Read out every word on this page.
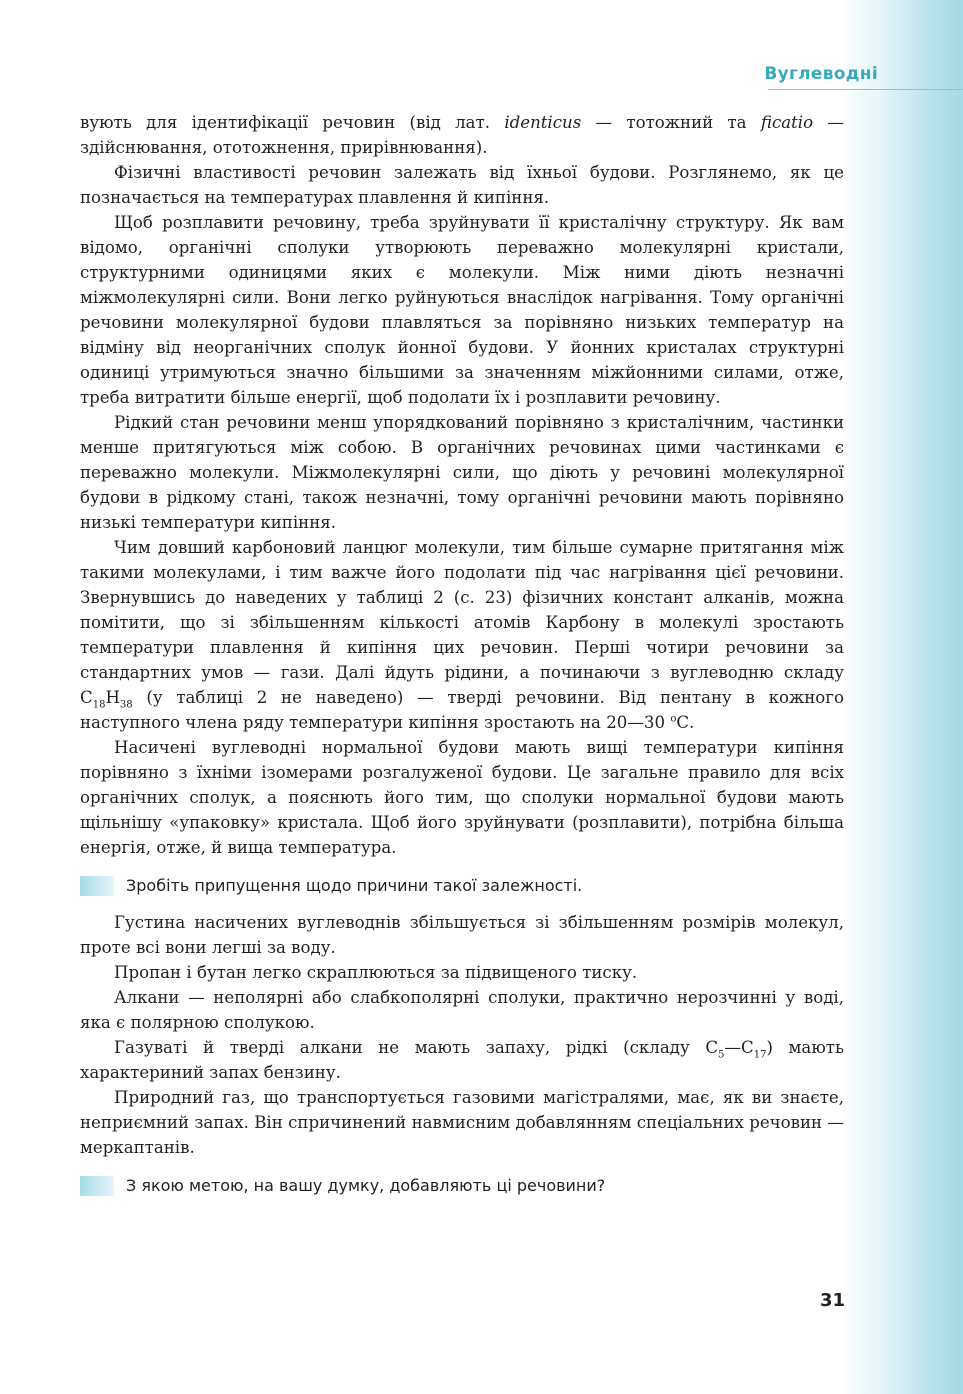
Вуглеводні

вують для ідентифікації речовин (від лат. identicus — тотожний та ficatio — здійснювання, ототожнення, прирівнювання).

Фізичні властивості речовин залежать від їхньої будови. Розглянемо, як це позначається на температурах плавлення й кипіння.

Щоб розплавити речовину, треба зруйнувати її кристалічну структуру. Як вам відомо, органічні сполуки утворюють переважно молекулярні кристали, структурними одиницями яких є молекули. Між ними діють незначні міжмолекулярні сили. Вони легко руйнуються внаслідок нагрівання. Тому органічні речовини молекулярної будови плавляться за порівняно низьких температур на відміну від неорганічних сполук йонної будови. У йонних кристалах структурні одиниці утримуються значно більшими за значенням міжйонними силами, отже, треба витратити більше енергії, щоб подолати їх і розплавити речовину.

Рідкий стан речовини менш упорядкований порівняно з кристалічним, частинки менше притягуються між собою. В органічних речовинах цими частинками є переважно молекули. Міжмолекулярні сили, що діють у речовині молекулярної будови в рідкому стані, також незначні, тому органічні речовини мають порівняно низькі температури кипіння.

Чим довший карбоновий ланцюг молекули, тим більше сумарне притягання між такими молекулами, і тим важче його подолати під час нагрівання цієї речовини. Звернувшись до наведених у таблиці 2 (с. 23) фізичних констант алканів, можна помітити, що зі збільшенням кількості атомів Карбону в молекулі зростають температури плавлення й кипіння цих речовин. Перші чотири речовини за стандартних умов — гази. Далі йдуть рідини, а починаючи з вуглеводню складу $C_{18}H_{38}$ (у таблиці 2 не наведено) — тверді речовини. Від пентану в кожного наступного члена ряду температури кипіння зростають на 20—30 $^о$С.

Насичені вуглеводні нормальної будови мають вищі температури кипіння порівняно з їхніми ізомерами розгалуженої будови. Це загальне правило для всіх органічних сполук, а пояснють його тим, що сполуки нормальної будови мають щільнішу «упаковку» кристала. Щоб його зруйнувати (розплавити), потрібна більша енергія, отже, й вища температура.

Зробіть припущення щодо причини такої залежності.

Густина насичених вуглеводнів збільшується зі збільшенням розмірів молекул, проте всі вони легші за воду.

Пропан і бутан легко скраплюються за підвищеного тиску.

Алкани — неполярні або слабкополярні сполуки, практично нерозчинні у воді, яка є полярною сполукою.

Газуваті й тверді алкани не мають запаху, рідкі (складу $C_5—C_{17}$) мають характериний запах бензину.

Природний газ, що транспортується газовими магістралями, має, як ви знаєте, неприємний запах. Він спричинений навмисним добавлянням спеціальних речовин — меркаптанів.

З якою метою, на вашу думку, добавляють ці речовини?
31
